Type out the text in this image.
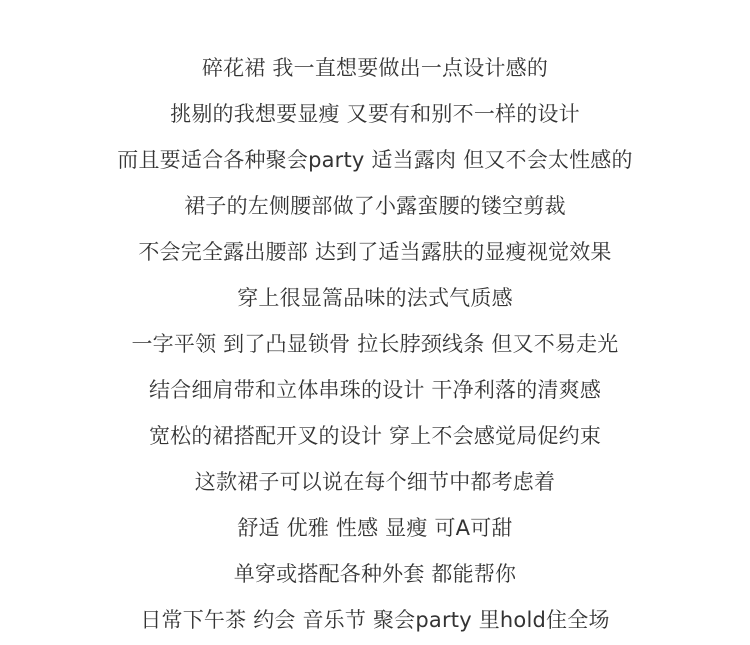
碎花裙 我一直想要做出一点设计感的
挑剔的我想要显瘦 又要有和别不一样的设计
而且要适合各种聚会party 适当露肉 但又不会太性感的
裙子的左侧腰部做了小露蛮腰的镂空剪裁
不会完全露出腰部 达到了适当露肤的显瘦视觉效果
穿上很显篙品味的法式气质感
一字平领 到了凸显锁骨 拉长脖颈线条 但又不易走光
结合细肩带和立体串珠的设计 干净利落的清爽感
宽松的裙搭配开叉的设计 穿上不会感觉局促约束
这款裙子可以说在每个细节中都考虑着
舒适 优雅 性感 显瘦 可A可甜
单穿或搭配各种外套 都能帮你
日常下午茶 约会 音乐节 聚会party 里hold住全场
